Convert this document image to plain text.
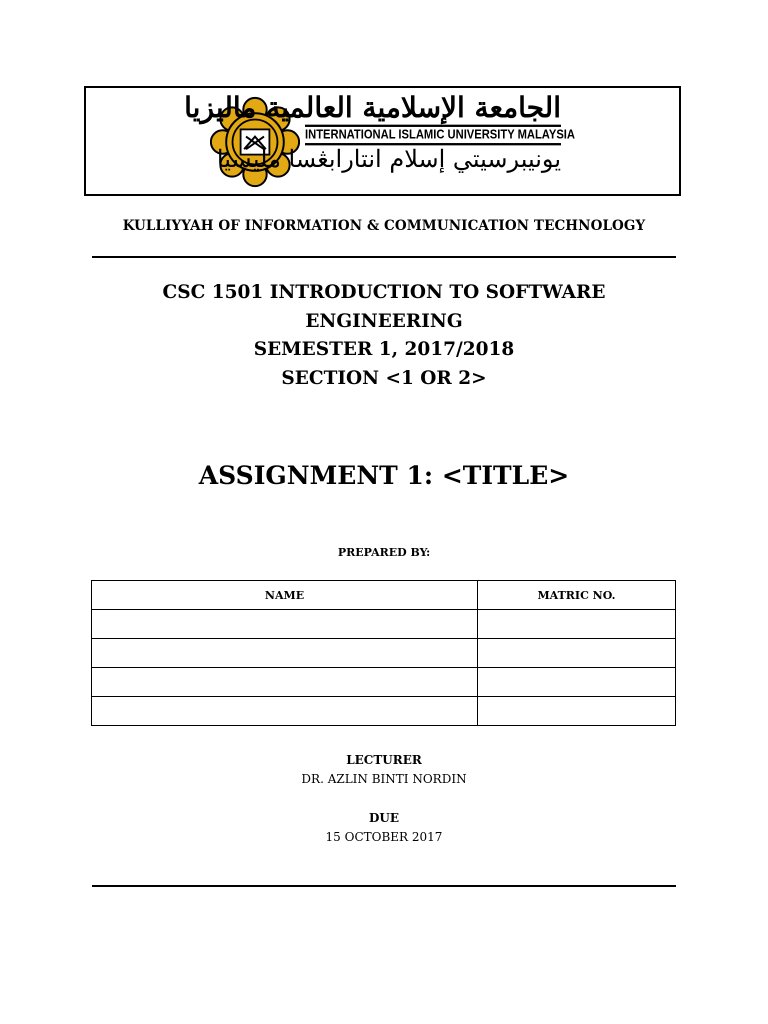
الجامعة الإسلامية العالمية ماليزيا
INTERNATIONAL ISLAMIC UNIVERSITY MALAYSIA
يونيبرسيتي إسلام انتارابڠسا مليسيا
KULLIYYAH OF INFORMATION & COMMUNICATION TECHNOLOGY
CSC 1501 INTRODUCTION TO SOFTWARE
ENGINEERING
SEMESTER 1, 2017/2018
SECTION <1 OR 2>
ASSIGNMENT 1: <TITLE>
PREPARED BY:
NAME	MATRIC NO.

LECTURER
DR. AZLIN BINTI NORDIN
DUE
15 OCTOBER 2017
